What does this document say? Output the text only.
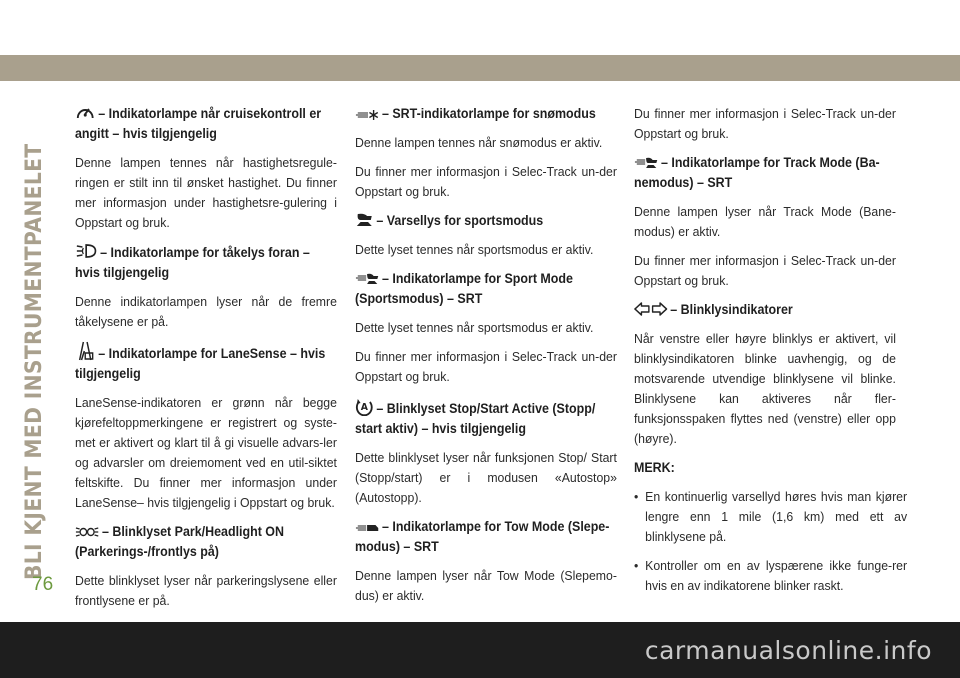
BLI KJENT MED INSTRUMENTPANELET
76
– Indikatorlampe når cruisekontroll er angitt – hvis tilgjengelig
Denne lampen tennes når hastighetsregule-ringen er stilt inn til ønsket hastighet. Du finner mer informasjon under hastighetsre-gulering i Oppstart og bruk.
– Indikatorlampe for tåkelys foran – hvis tilgjengelig
Denne indikatorlampen lyser når de fremre tåkelysene er på.
– Indikatorlampe for LaneSense – hvis tilgjengelig
LaneSense-indikatoren er grønn når begge kjørefeltoppmerkingene er registrert og syste-met er aktivert og klart til å gi visuelle advars-ler og advarsler om dreiemoment ved en util-siktet feltskifte. Du finner mer informasjon under LaneSense– hvis tilgjengelig i Oppstart og bruk.
– Blinklyset Park/Headlight ON (Parkerings-/frontlys på)
Dette blinklyset lyser når parkeringslysene eller frontlysene er på.
– SRT-indikatorlampe for snømodus
Denne lampen tennes når snømodus er aktiv.
Du finner mer informasjon i Selec-Track un-der Oppstart og bruk.
– Varsellys for sportsmodus
Dette lyset tennes når sportsmodus er aktiv.
– Indikatorlampe for Sport Mode (Sportsmodus) – SRT
Dette lyset tennes når sportsmodus er aktiv.
Du finner mer informasjon i Selec-Track un-der Oppstart og bruk.
A – Blinklyset Stop/Start Active (Stopp/ start aktiv) – hvis tilgjengelig
Dette blinklyset lyser når funksjonen Stop/ Start (Stopp/start) er i modusen «Autostop» (Autostopp).
– Indikatorlampe for Tow Mode (Slepe-modus) – SRT
Denne lampen lyser når Tow Mode (Slepemo-dus) er aktiv.
Du finner mer informasjon i Selec-Track un-der Oppstart og bruk.
– Indikatorlampe for Track Mode (Ba-nemodus) – SRT
Denne lampen lyser når Track Mode (Bane-modus) er aktiv.
Du finner mer informasjon i Selec-Track un-der Oppstart og bruk.
– Blinklysindikatorer
Når venstre eller høyre blinklys er aktivert, vil blinklysindikatoren blinke uavhengig, og de motsvarende utvendige blinklysene vil blinke. Blinklysene kan aktiveres når fler-funksjonsspaken flyttes ned (venstre) eller opp (høyre).
MERK:
• En kontinuerlig varsellyd høres hvis man kjører lengre enn 1 mile (1,6 km) med ett av blinklysene på.
• Kontroller om en av lyspærene ikke funge-rer hvis en av indikatorene blinker raskt.
carmanualsonline.info
